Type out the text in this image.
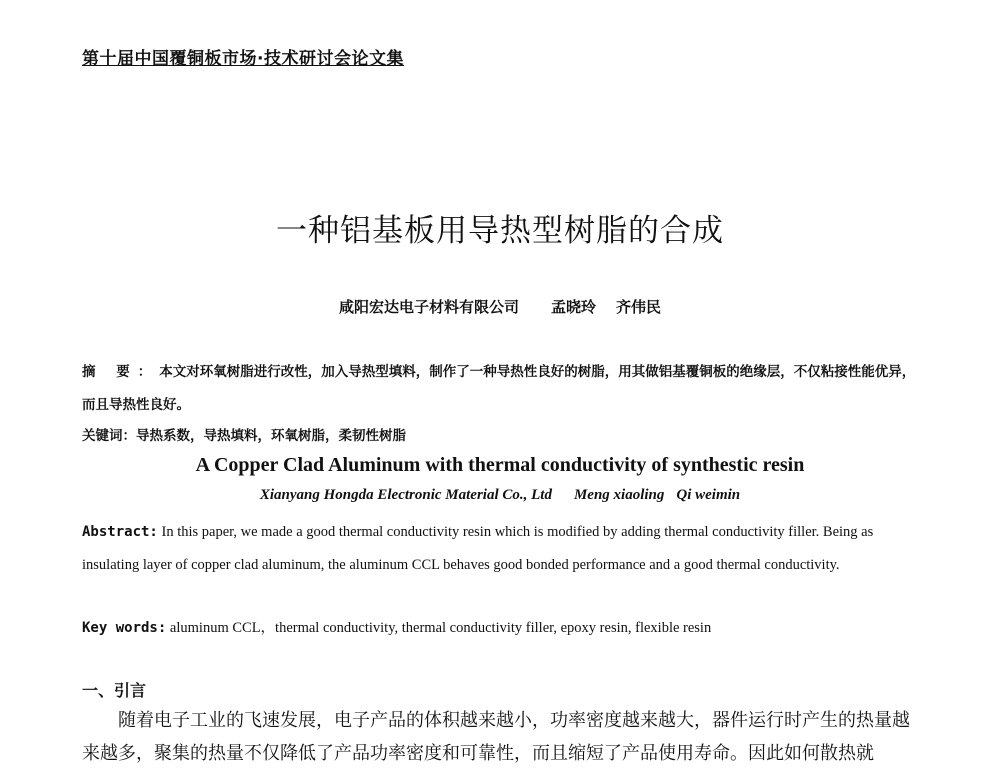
第十届中国覆铜板市场·技术研讨会论文集
一种铝基板用导热型树脂的合成
咸阳宏达电子材料有限公司 孟晓玲 齐伟民
摘 要：本文对环氧树脂进行改性，加入导热型填料，制作了一种导热性良好的树脂，用其做铝基覆铜板的绝缘层，不仅粘接性能优异，而且导热性良好。
关键词：导热系数，导热填料，环氧树脂，柔韧性树脂
A Copper Clad Aluminum with thermal conductivity of synthestic resin
Xianyang Hongda Electronic Material Co., Ltd Meng xiaoling Qi weimin
Abstract: In this paper, we made a good thermal conductivity resin which is modified by adding thermal conductivity filler. Being as insulating layer of copper clad aluminum, the aluminum CCL behaves good bonded performance and a good thermal conductivity.
Key words: aluminum CCL，thermal conductivity, thermal conductivity filler, epoxy resin, flexible resin
一、引言
随着电子工业的飞速发展，电子产品的体积越来越小，功率密度越来越大，器件运行时产生的热量越来越多，聚集的热量不仅降低了产品功率密度和可靠性，而且缩短了产品使用寿命。因此如何散热就
